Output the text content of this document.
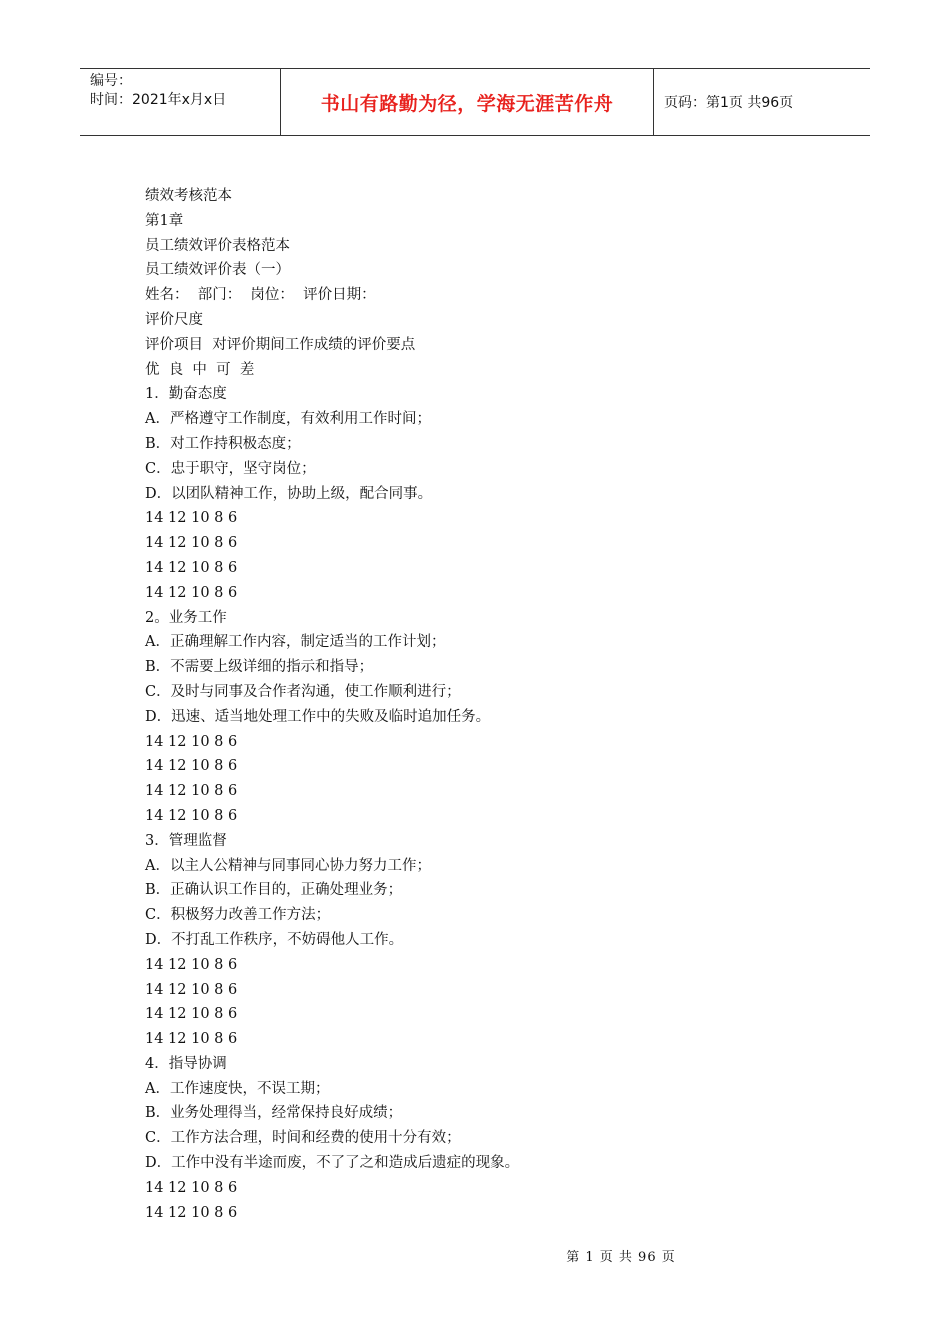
编号：
时间：2021年x月x日	书山有路勤为径，学海无涯苦作舟	页码：第1页 共96页
绩效考核范本
第1章
员工绩效评价表格范本
员工绩效评价表（一）
姓名：  部门：  岗位：  评价日期：
评价尺度
评价项目  对评价期间工作成绩的评价要点
优  良  中  可  差
1．勤奋态度
A．严格遵守工作制度，有效利用工作时间；
B．对工作持积极态度；
C．忠于职守，坚守岗位；
D．以团队精神工作，协助上级，配合同事。
14 12 10 8 6
14 12 10 8 6
14 12 10 8 6
14 12 10 8 6
2。业务工作
A．正确理解工作内容，制定适当的工作计划；
B．不需要上级详细的指示和指导；
C．及时与同事及合作者沟通，使工作顺利进行；
D．迅速、适当地处理工作中的失败及临时追加任务。
14 12 10 8 6
14 12 10 8 6
14 12 10 8 6
14 12 10 8 6
3．管理监督
A．以主人公精神与同事同心协力努力工作；
B．正确认识工作目的，正确处理业务；
C．积极努力改善工作方法；
D．不打乱工作秩序，不妨碍他人工作。
14 12 10 8 6
14 12 10 8 6
14 12 10 8 6
14 12 10 8 6
4．指导协调
A．工作速度快，不误工期；
B．业务处理得当，经常保持良好成绩；
C．工作方法合理，时间和经费的使用十分有效；
D．工作中没有半途而废，不了了之和造成后遗症的现象。
14 12 10 8 6
14 12 10 8 6
第 1 页 共 96 页
